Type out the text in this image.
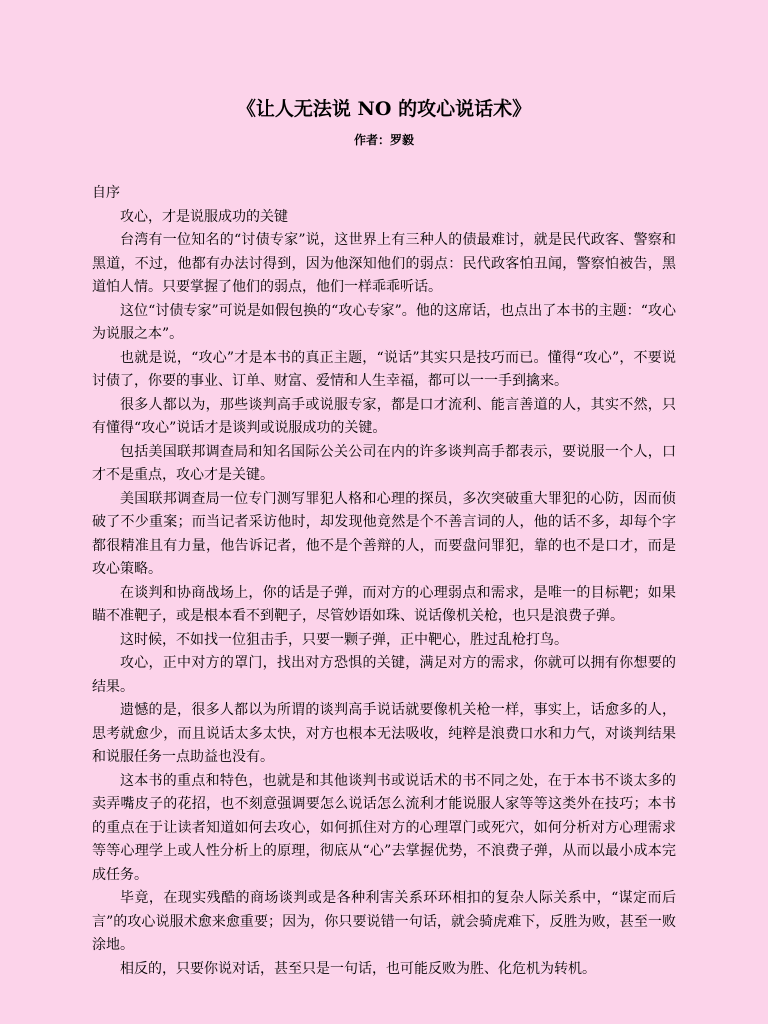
《让人无法说 NO 的攻心说话术》
作者：罗毅

自序

攻心，才是说服成功的关键

台湾有一位知名的“讨债专家”说，这世界上有三种人的债最难讨，就是民代政客、警察和黑道，不过，他都有办法讨得到，因为他深知他们的弱点：民代政客怕丑闻，警察怕被告，黑道怕人情。只要掌握了他们的弱点，他们一样乖乖听话。

这位“讨债专家”可说是如假包换的“攻心专家”。他的这席话，也点出了本书的主题：“攻心为说服之本”。

也就是说，“攻心”才是本书的真正主题，“说话”其实只是技巧而已。懂得“攻心”，不要说讨债了，你要的事业、订单、财富、爱情和人生幸福，都可以一一手到擒来。

很多人都以为，那些谈判高手或说服专家，都是口才流利、能言善道的人，其实不然，只有懂得“攻心”说话才是谈判或说服成功的关键。

包括美国联邦调查局和知名国际公关公司在内的许多谈判高手都表示，要说服一个人，口才不是重点，攻心才是关键。

美国联邦调查局一位专门测写罪犯人格和心理的探员，多次突破重大罪犯的心防，因而侦破了不少重案；而当记者采访他时，却发现他竟然是个不善言词的人，他的话不多，却每个字都很精准且有力量，他告诉记者，他不是个善辩的人，而要盘问罪犯，靠的也不是口才，而是攻心策略。

在谈判和协商战场上，你的话是子弹，而对方的心理弱点和需求，是唯一的目标靶；如果瞄不准靶子，或是根本看不到靶子，尽管妙语如珠、说话像机关枪，也只是浪费子弹。

这时候，不如找一位狙击手，只要一颗子弹，正中靶心，胜过乱枪打鸟。

攻心，正中对方的罩门，找出对方恐惧的关键，满足对方的需求，你就可以拥有你想要的结果。

遗憾的是，很多人都以为所谓的谈判高手说话就要像机关枪一样，事实上，话愈多的人，思考就愈少，而且说话太多太快，对方也根本无法吸收，纯粹是浪费口水和力气，对谈判结果和说服任务一点助益也没有。

这本书的重点和特色，也就是和其他谈判书或说话术的书不同之处，在于本书不谈太多的卖弄嘴皮子的花招，也不刻意强调要怎么说话怎么流利才能说服人家等等这类外在技巧；本书的重点在于让读者知道如何去攻心，如何抓住对方的心理罩门或死穴，如何分析对方心理需求等等心理学上或人性分析上的原理，彻底从“心”去掌握优势，不浪费子弹，从而以最小成本完成任务。

毕竟，在现实残酷的商场谈判或是各种利害关系环环相扣的复杂人际关系中，“谋定而后言”的攻心说服术愈来愈重要；因为，你只要说错一句话，就会骑虎难下，反胜为败，甚至一败涂地。

相反的，只要你说对话，甚至只是一句话，也可能反败为胜、化危机为转机。
